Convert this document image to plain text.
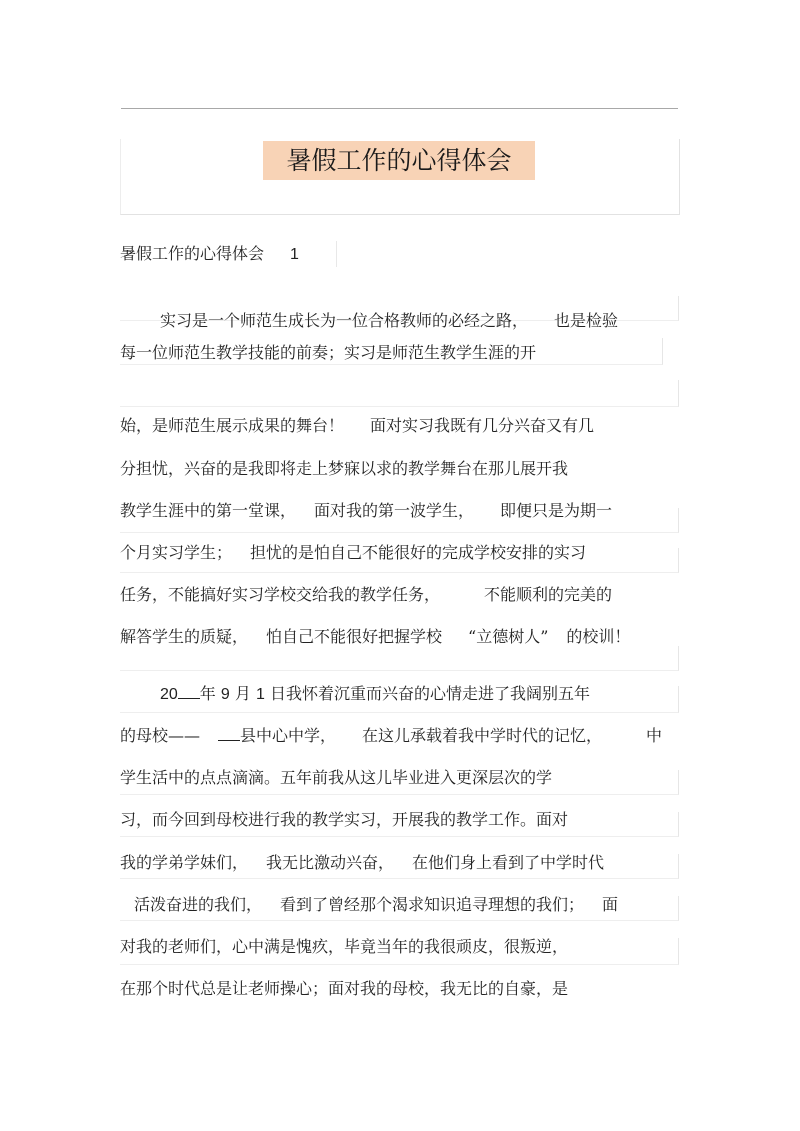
暑假工作的心得体会
暑假工作的心得体会 1
实习是一个师范生成长为一位合格教师的必经之路， 也是检验
每一位师范生教学技能的前奏；实习是师范生教学生涯的开
始，是师范生展示成果的舞台！ 面对实习我既有几分兴奋又有几
分担忧，兴奋的是我即将走上梦寐以求的教学舞台在那儿展开我
教学生涯中的第一堂课， 面对我的第一波学生， 即便只是为期一
个月实习学生； 担忧的是怕自己不能很好的完成学校安排的实习
任务，不能搞好实习学校交给我的教学任务，	不能顺利的完美的
解答学生的质疑， 怕自己不能很好把握学校 “立德树人” 的校训！
20 年 9 月 1 日我怀着沉重而兴奋的心情走进了我阔别五年
的母校——	县中心中学， 在这儿承载着我中学时代的记忆，	中
学生活中的点点滴滴。五年前我从这儿毕业进入更深层次的学
习，而今回到母校进行我的教学实习，开展我的教学工作。面对
我的学弟学妹们， 我无比激动兴奋， 在他们身上看到了中学时代
活泼奋进的我们， 看到了曾经那个渴求知识追寻理想的我们； 面
对我的老师们，心中满是愧疚，毕竟当年的我很顽皮，很叛逆，
在那个时代总是让老师操心；面对我的母校，我无比的自豪，是
